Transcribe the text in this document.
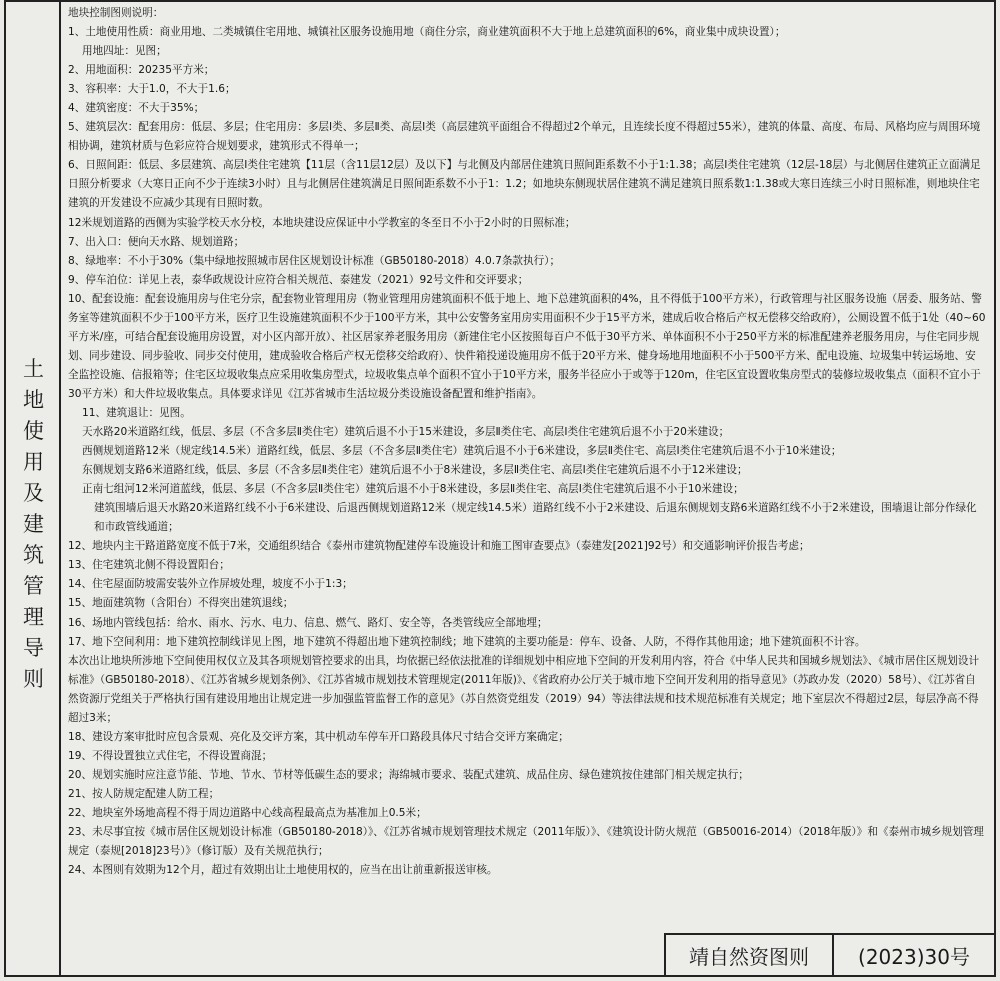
土
地
使
用
及
建
筑
管
理
导
则

地块控制图则说明：

1、土地使用性质：商业用地、二类城镇住宅用地、城镇社区服务设施用地（商住分宗，商业建筑面积不大于地上总建筑面积的6%，商业集中成块设置）；

用地四址：见图；

2、用地面积：20235平方米；

3、容积率：大于1.0，不大于1.6；

4、建筑密度：不大于35%；

5、建筑层次：配套用房：低层、多层；住宅用房：多层Ⅰ类、多层Ⅱ类、高层Ⅰ类（高层建筑平面组合不得超过2个单元，且连续长度不得超过55米），建筑的体量、高度、布局、风格均应与周围环境相协调，建筑材质与色彩应符合规划要求，建筑形式不得单一；

6、日照间距：低层、多层建筑、高层Ⅰ类住宅建筑【11层（含11层12层）及以下】与北侧及内部居住建筑日照间距系数不小于1:1.38；高层Ⅰ类住宅建筑（12层-18层）与北侧居住建筑正立面满足日照分析要求（大寒日正向不少于连续3小时）且与北侧居住建筑满足日照间距系数不小于1：1.2；如地块东侧现状居住建筑不满足建筑日照系数1:1.38或大寒日连续三小时日照标准，则地块住宅建筑的开发建设不应减少其现有日照时数。

12米规划道路的西侧为实验学校天水分校，本地块建设应保证中小学教室的冬至日不小于2小时的日照标准；

7、出入口：便向天水路、规划道路；

8、绿地率：不小于30%（集中绿地按照城市居住区规划设计标准（GB50180-2018）4.0.7条款执行）；

9、停车泊位：详见上表，泰华政规设计应符合相关规范、泰建发（2021）92号文件和交评要求；

10、配套设施：配套设施用房与住宅分宗，配套物业管理用房（物业管理用房建筑面积不低于地上、地下总建筑面积的4%，且不得低于100平方米），行政管理与社区服务设施（居委、服务站、警务室等建筑面积不少于100平方米，医疗卫生设施建筑面积不少于100平方米，其中公安警务室用房实用面积不少于15平方米，建成后收合格后产权无偿移交给政府），公厕设置不低于1处（40~60平方米/座，可结合配套设施用房设置，对小区内部开放）、社区居家养老服务用房（新建住宅小区按照每百户不低于30平方米、单体面积不小于250平方米的标准配建养老服务用房，与住宅同步规划、同步建设、同步验收、同步交付使用，建成验收合格后产权无偿移交给政府）、快件箱投递设施用房不低于20平方米、健身场地用地面积不小于500平方米、配电设施、垃圾集中转运场地、安全监控设施、信报箱等；住宅区垃圾收集点应采用收集房型式，垃圾收集点单个面积不宜小于10平方米，服务半径应小于或等于120m，住宅区宜设置收集房型式的装修垃圾收集点（面积不宜小于30平方米）和大件垃圾收集点。具体要求详见《江苏省城市生活垃圾分类设施设备配置和维护指南》。

11、建筑退让：见图。

天水路20米道路红线，低层、多层（不含多层Ⅱ类住宅）建筑后退不小于15米建设，多层Ⅱ类住宅、高层Ⅰ类住宅建筑后退不小于20米建设；

西侧规划道路12米（规定线14.5米）道路红线，低层、多层（不含多层Ⅱ类住宅）建筑后退不小于6米建设，多层Ⅱ类住宅、高层Ⅰ类住宅建筑后退不小于10米建设；

东侧规划支路6米道路红线，低层、多层（不含多层Ⅱ类住宅）建筑后退不小于8米建设，多层Ⅱ类住宅、高层Ⅰ类住宅建筑后退不小于12米建设；

正南七组河12米河道蓝线，低层、多层（不含多层Ⅱ类住宅）建筑后退不小于8米建设，多层Ⅱ类住宅、高层Ⅰ类住宅建筑后退不小于10米建设；

建筑围墙后退天水路20米道路红线不小于6米建设、后退西侧规划道路12米（规定线14.5米）道路红线不小于2米建设、后退东侧规划支路6米道路红线不小于2米建设，围墙退让部分作绿化和市政管线通道；

12、地块内主干路道路宽度不低于7米，交通组织结合《泰州市建筑物配建停车设施设计和施工图审查要点》（泰建发[2021]92号）和交通影响评价报告考虑；

13、住宅建筑北侧不得设置阳台；

14、住宅屋面防坡需安装外立作屏坡处理，坡度不小于1:3；

15、地面建筑物（含阳台）不得突出建筑退线；

16、场地内管线包括：给水、雨水、污水、电力、信息、燃气、路灯、安全等，各类管线应全部地埋；

17、地下空间利用：地下建筑控制线详见上图，地下建筑不得超出地下建筑控制线；地下建筑的主要功能是：停车、设备、人防，不得作其他用途；地下建筑面积不计容。

本次出让地块所涉地下空间使用权仅立及其各项规划管控要求的出具，均依据已经依法批准的详细规划中相应地下空间的开发利用内容，符合《中华人民共和国城乡规划法》、《城市居住区规划设计标准》（GB50180-2018）、《江苏省城乡规划条例》、《江苏省城市规划技术管理规定(2011年版)》、《省政府办公厅关于城市地下空间开发利用的指导意见》（苏政办发（2020）58号）、《江苏省自然资源厅党组关于严格执行国有建设用地出让规定进一步加强监管监督工作的意见》（苏自然资党组发（2019）94）等法律法规和技术规范标准有关规定；地下室层次不得超过2层，每层净高不得超过3米；

18、建设方案审批时应包含景观、亮化及交评方案，其中机动车停车开口路段具体尺寸结合交评方案确定；

19、不得设置独立式住宅，不得设置商混；

20、规划实施时应注意节能、节地、节水、节材等低碳生态的要求；海绵城市要求、装配式建筑、成品住房、绿色建筑按住建部门相关规定执行；

21、按人防规定配建人防工程；

22、地块室外场地高程不得于周边道路中心线高程最高点为基准加上0.5米；

23、未尽事宜按《城市居住区规划设计标准（GB50180-2018）》、《江苏省城市规划管理技术规定（2011年版）》、《建筑设计防火规范（GB50016-2014）（2018年版）》和《泰州市城乡规划管理规定（泰规[2018]23号）》（修订版）及有关规范执行；

24、本图则有效期为12个月，超过有效期出让土地使用权的，应当在出让前重新报送审核。

靖自然资图则	(2023)30号
